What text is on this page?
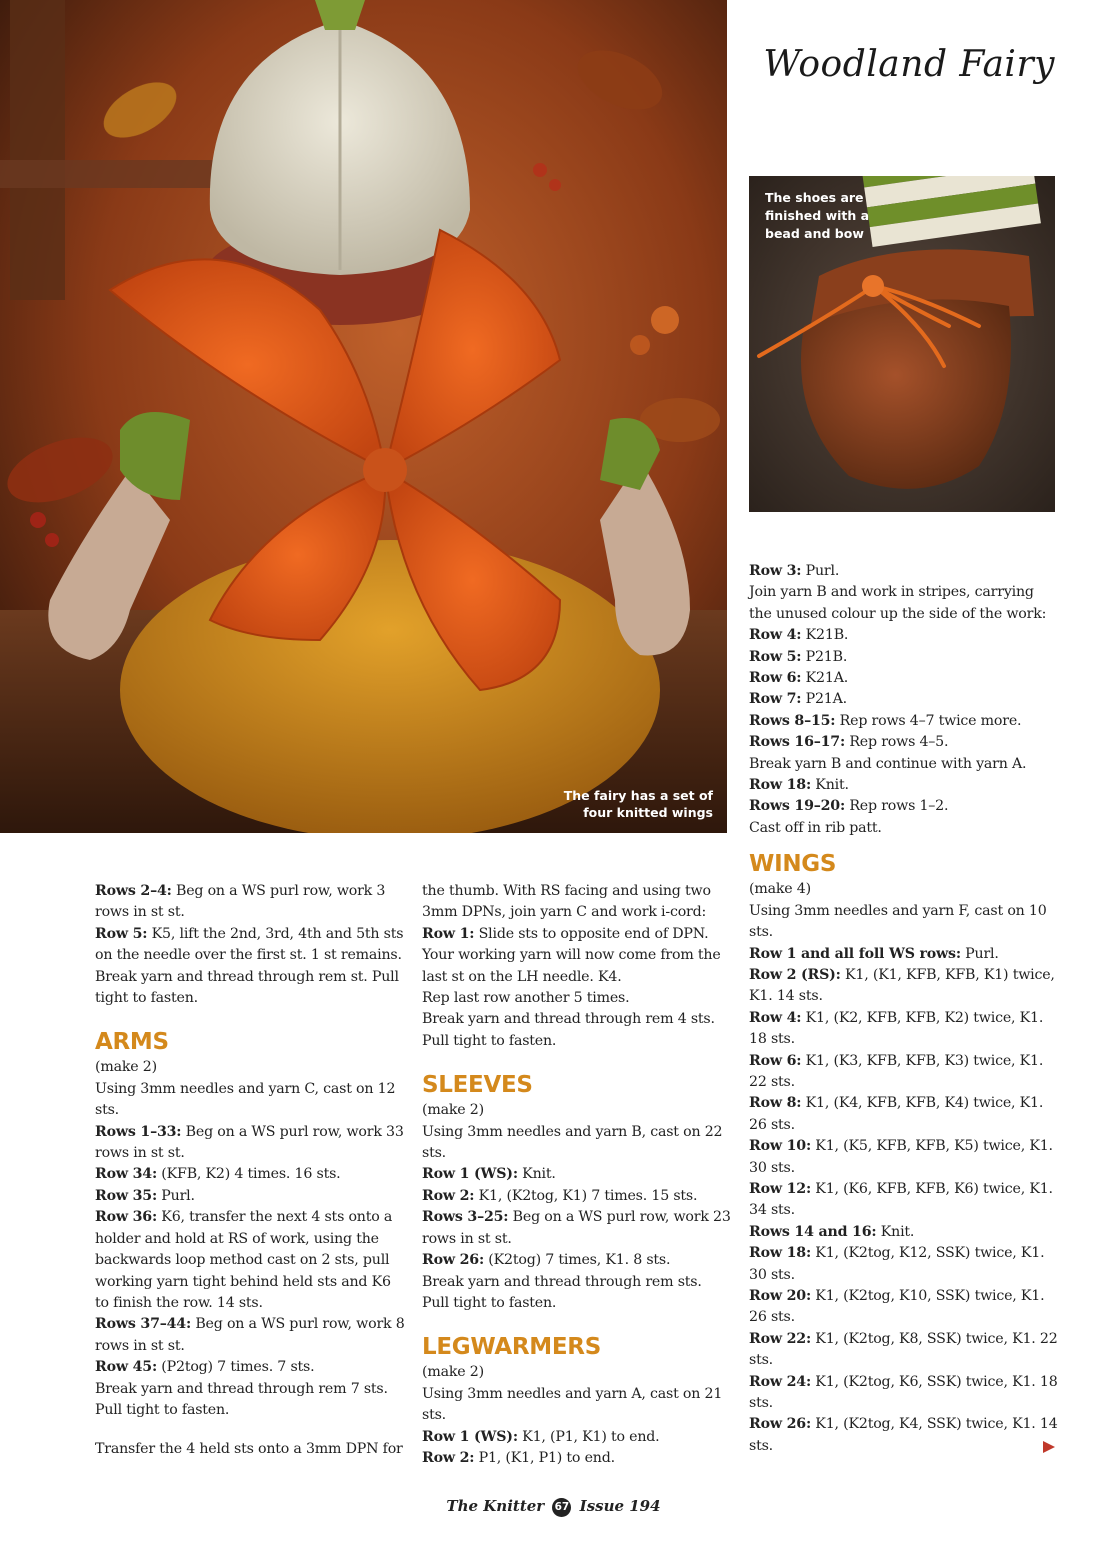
Woodland Fairy
The fairy has a set of four knitted wings
The shoes are finished with a bead and bow

Rows 2–4: Beg on a WS purl row, work 3 rows in st st.

Row 5: K5, lift the 2nd, 3rd, 4th and 5th sts on the needle over the first st. 1 st remains.

Break yarn and thread through rem st. Pull tight to fasten.

ARMS

(make 2)

Using 3mm needles and yarn C, cast on 12 sts.

Rows 1–33: Beg on a WS purl row, work 33 rows in st st.

Row 34: (KFB, K2) 4 times. 16 sts.

Row 35: Purl.

Row 36: K6, transfer the next 4 sts onto a holder and hold at RS of work, using the backwards loop method cast on 2 sts, pull working yarn tight behind held sts and K6 to finish the row. 14 sts.

Rows 37–44: Beg on a WS purl row, work 8 rows in st st.

Row 45: (P2tog) 7 times. 7 sts.

Break yarn and thread through rem 7 sts. Pull tight to fasten.

Transfer the 4 held sts onto a 3mm DPN for

the thumb. With RS facing and using two 3mm DPNs, join yarn C and work i-cord:

Row 1: Slide sts to opposite end of DPN. Your working yarn will now come from the last st on the LH needle. K4.

Rep last row another 5 times.

Break yarn and thread through rem 4 sts. Pull tight to fasten.

SLEEVES

(make 2)

Using 3mm needles and yarn B, cast on 22 sts.

Row 1 (WS): Knit.

Row 2: K1, (K2tog, K1) 7 times. 15 sts.

Rows 3–25: Beg on a WS purl row, work 23 rows in st st.

Row 26: (K2tog) 7 times, K1. 8 sts.

Break yarn and thread through rem sts. Pull tight to fasten.

LEGWARMERS

(make 2)

Using 3mm needles and yarn A, cast on 21 sts.

Row 1 (WS): K1, (P1, K1) to end.

Row 2: P1, (K1, P1) to end.

Row 3: Purl.

Join yarn B and work in stripes, carrying the unused colour up the side of the work:

Row 4: K21B.

Row 5: P21B.

Row 6: K21A.

Row 7: P21A.

Rows 8–15: Rep rows 4–7 twice more.

Rows 16–17: Rep rows 4–5.

Break yarn B and continue with yarn A.

Row 18: Knit.

Rows 19–20: Rep rows 1–2.

Cast off in rib patt.

WINGS

(make 4)

Using 3mm needles and yarn F, cast on 10 sts.

Row 1 and all foll WS rows: Purl.

Row 2 (RS): K1, (K1, KFB, KFB, K1) twice, K1. 14 sts.

Row 4: K1, (K2, KFB, KFB, K2) twice, K1. 18 sts.

Row 6: K1, (K3, KFB, KFB, K3) twice, K1. 22 sts.

Row 8: K1, (K4, KFB, KFB, K4) twice, K1. 26 sts.

Row 10: K1, (K5, KFB, KFB, K5) twice, K1. 30 sts.

Row 12: K1, (K6, KFB, KFB, K6) twice, K1. 34 sts.

Rows 14 and 16: Knit.

Row 18: K1, (K2tog, K12, SSK) twice, K1. 30 sts.

Row 20: K1, (K2tog, K10, SSK) twice, K1. 26 sts.

Row 22: K1, (K2tog, K8, SSK) twice, K1. 22 sts.

Row 24: K1, (K2tog, K6, SSK) twice, K1. 18 sts.

Row 26: K1, (K2tog, K4, SSK) twice, K1. 14 sts.

The Knitter 67 Issue 194
